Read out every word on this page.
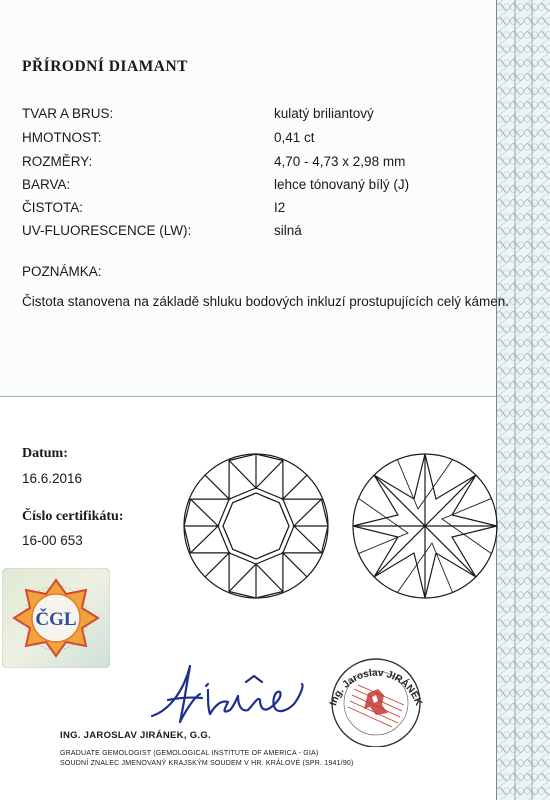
PŘÍRODNÍ DIAMANT
TVAR A BRUS:	kulatý briliantový
HMOTNOST:	0,41 ct
ROZMĚRY:	4,70 - 4,73 x 2,98 mm
BARVA:	lehce tónovaný bílý (J)
ČISTOTA:	I2
UV-FLUORESCENCE (LW):	silná
POZNÁMKA:
Čistota stanovena na základě shluku bodových inkluzí prostupujících celý kámen.
Datum:
16.6.2016
Číslo certifikátu:
16-00 653
ČGL
Ing. Jaroslav JIRÁNEK
ING. JAROSLAV JIRÁNEK, G.G.
GRADUATE GEMOLOGIST (GEMOLOGICAL INSTITUTE OF AMERICA - GIA)
SOUDNÍ ZNALEC JMENOVANÝ KRAJSKÝM SOUDEM V HR. KRÁLOVÉ (SPR. 1941/90)
